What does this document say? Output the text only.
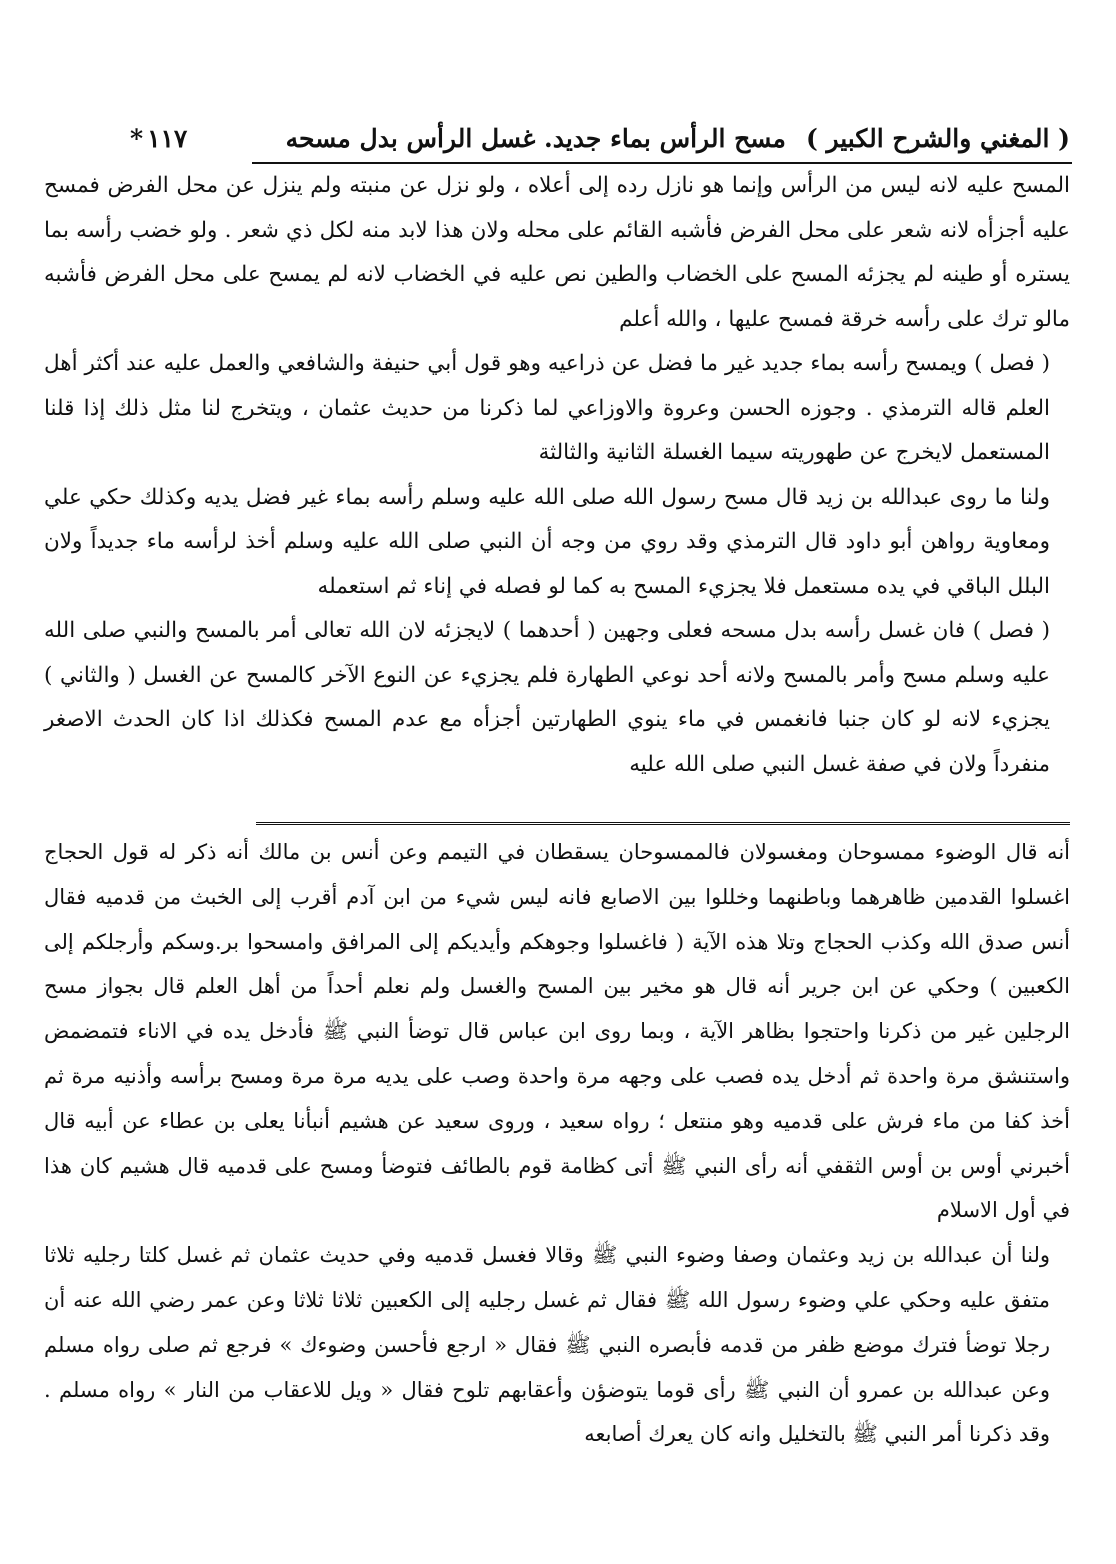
( المغني والشرح الكبير )
مسح الرأس بماء جديد. غسل الرأس بدل مسحه
١١٧
*

المسح عليه لانه ليس من الرأس وإنما هو نازل رده إلى أعلاه ، ولو نزل عن منبته ولم ينزل عن محل الفرض فمسح عليه أجزأه لانه شعر على محل الفرض فأشبه القائم على محله ولان هذا لابد منه لكل ذي شعر . ولو خضب رأسه بما يستره أو طينه لم يجزئه المسح على الخضاب والطين نص عليه في الخضاب لانه لم يمسح على محل الفرض فأشبه مالو ترك على رأسه خرقة فمسح عليها ، والله أعلم

( فصل ) ويمسح رأسه بماء جديد غير ما فضل عن ذراعيه وهو قول أبي حنيفة والشافعي والعمل عليه عند أكثر أهل العلم قاله الترمذي . وجوزه الحسن وعروة والاوزاعي لما ذكرنا من حديث عثمان ، ويتخرج لنا مثل ذلك إذا قلنا المستعمل لايخرج عن طهوريته سيما الغسلة الثانية والثالثة

ولنا ما روى عبدالله بن زيد قال مسح رسول الله صلى الله عليه وسلم رأسه بماء غير فضل يديه وكذلك حكي علي ومعاوية رواهن أبو داود قال الترمذي وقد روي من وجه أن النبي صلى الله عليه وسلم أخذ لرأسه ماء جديداً ولان البلل الباقي في يده مستعمل فلا يجزيء المسح به كما لو فصله في إناء ثم استعمله

( فصل ) فان غسل رأسه بدل مسحه فعلى وجهين ( أحدهما ) لايجزئه لان الله تعالى أمر بالمسح والنبي صلى الله عليه وسلم مسح وأمر بالمسح ولانه أحد نوعي الطهارة فلم يجزيء عن النوع الآخر كالمسح عن الغسل ( والثاني ) يجزيء لانه لو كان جنبا فانغمس في ماء ينوي الطهارتين أجزأه مع عدم المسح فكذلك اذا كان الحدث الاصغر منفرداً ولان في صفة غسل النبي صلى الله عليه

أنه قال الوضوء ممسوحان ومغسولان فالممسوحان يسقطان في التيمم وعن أنس بن مالك أنه ذكر له قول الحجاج اغسلوا القدمين ظاهرهما وباطنهما وخللوا بين الاصابع فانه ليس شيء من ابن آدم أقرب إلى الخبث من قدميه فقال أنس صدق الله وكذب الحجاج وتلا هذه الآية ( فاغسلوا وجوهكم وأيديكم إلى المرافق وامسحوا بر.وسكم وأرجلكم إلى الكعبين ) وحكي عن ابن جرير أنه قال هو مخير بين المسح والغسل ولم نعلم أحداً من أهل العلم قال بجواز مسح الرجلين غير من ذكرنا واحتجوا بظاهر الآية ، وبما روى ابن عباس قال توضأ النبي ﷺ فأدخل يده في الاناء فتمضمض واستنشق مرة واحدة ثم أدخل يده فصب على وجهه مرة واحدة وصب على يديه مرة مرة ومسح برأسه وأذنيه مرة ثم أخذ كفا من ماء فرش على قدميه وهو منتعل ؛ رواه سعيد ، وروى سعيد عن هشيم أنبأنا يعلى بن عطاء عن أبيه قال أخبرني أوس بن أوس الثقفي أنه رأى النبي ﷺ أتى كظامة قوم بالطائف فتوضأ ومسح على قدميه قال هشيم كان هذا في أول الاسلام

ولنا أن عبدالله بن زيد وعثمان وصفا وضوء النبي ﷺ وقالا فغسل قدميه وفي حديث عثمان ثم غسل كلتا رجليه ثلاثا متفق عليه وحكي علي وضوء رسول الله ﷺ فقال ثم غسل رجليه إلى الكعبين ثلاثا ثلاثا وعن عمر رضي الله عنه أن رجلا توضأ فترك موضع ظفر من قدمه فأبصره النبي ﷺ فقال « ارجع فأحسن وضوءك » فرجع ثم صلى رواه مسلم وعن عبدالله بن عمرو أن النبي ﷺ رأى قوما يتوضؤن وأعقابهم تلوح فقال « ويل للاعقاب من النار » رواه مسلم . وقد ذكرنا أمر النبي ﷺ بالتخليل وانه كان يعرك أصابعه
